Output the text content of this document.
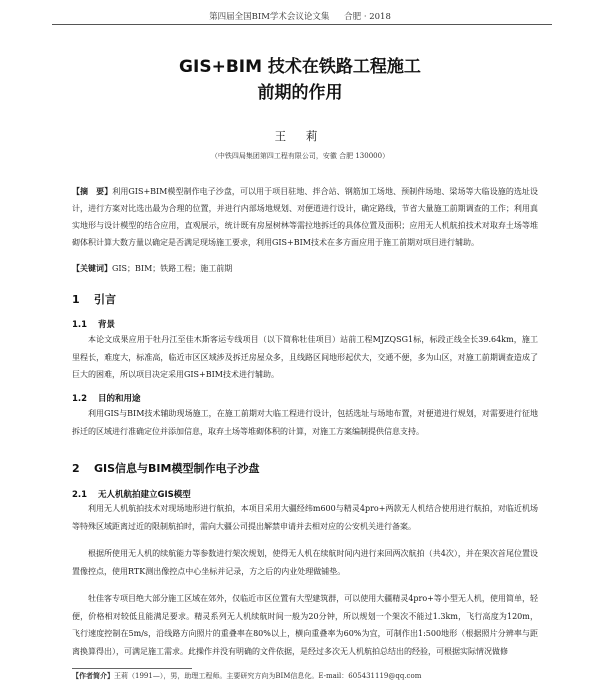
第四届全国BIM学术会议论文集 合肥 · 2018
GIS+BIM 技术在铁路工程施工
前期的作用
王 莉
（中铁四局集团第四工程有限公司，安徽 合肥 130000）
【摘　要】利用GIS+BIM模型制作电子沙盘，可以用于项目驻地、拌合站、钢筋加工场地、预制件场地、梁场等大临设施的选址设计，进行方案对比选出最为合理的位置，并进行内部场地规划、对便道进行设计，确定路线，节省大量施工前期调查的工作；利用真实地形与设计模型的结合应用，直观展示，统计既有房屋树林等需拉地拆迁的具体位置及面积；应用无人机航拍技术对取弃土场等堆砌体积计算大数方量以确定是否满足现场施工要求，利用GIS+BIM技术在多方面应用于施工前期对项目进行辅助。
【关键词】GIS；BIM；铁路工程；施工前期
1 引言
1.1 背景
本论文成果应用于牡丹江至佳木斯客运专线项目（以下简称牡佳项目）站前工程MJZQSG1标，标段正线全长39.64km，施工里程长，难度大，标准高，临近市区区域涉及拆迁房屋众多，且线路区间地形起伏大，交通不便，多为山区，对施工前期调查造成了巨大的困难，所以项目决定采用GIS+BIM技术进行辅助。
1.2 目的和用途
利用GIS与BIM技术辅助现场施工，在施工前期对大临工程进行设计，包括选址与场地布置，对便道进行规划，对需要进行征地拆迁的区域进行准确定位并添加信息，取弃土场等堆砌体积的计算，对施工方案编制提供信息支持。
2 GIS信息与BIM模型制作电子沙盘
2.1 无人机航拍建立GIS模型
利用无人机航拍技术对现场地形进行航拍，本项目采用大疆经纬m600与精灵4pro+两款无人机结合使用进行航拍，对临近机场等特殊区域距离过近的限制航拍时，需向大疆公司提出解禁申请并去相对应的公安机关进行备案。
根据所使用无人机的续航能力等参数进行架次规划，使得无人机在续航时间内进行来回两次航拍（共4次），并在架次首尾位置设置像控点，使用RTK测出像控点中心坐标并记录，方之后的内业处理做铺垫。
牡佳客专项目绝大部分施工区域在郊外，仅临近市区位置有大型建筑群，可以使用大疆精灵4pro+等小型无人机，使用简单，轻便，价格相对较低且能满足要求。精灵系列无人机续航时间一般为20分钟，所以规划一个架次不能过1.3km，飞行高度为120m，飞行速度控制在5m/s，沿线路方向照片的重叠率在80%以上，横向重叠率为60%为宜，可制作出1:500地形（根据照片分辨率与距离换算得出），可满足施工需求。此操作并没有明确的文件依据，是经过多次无人机航拍总结出的经验，可根据实际情况做修
【作者简介】王莉（1991—），男，助理工程师。主要研究方向为BIM信息化。E-mail：605431119@qq.com
